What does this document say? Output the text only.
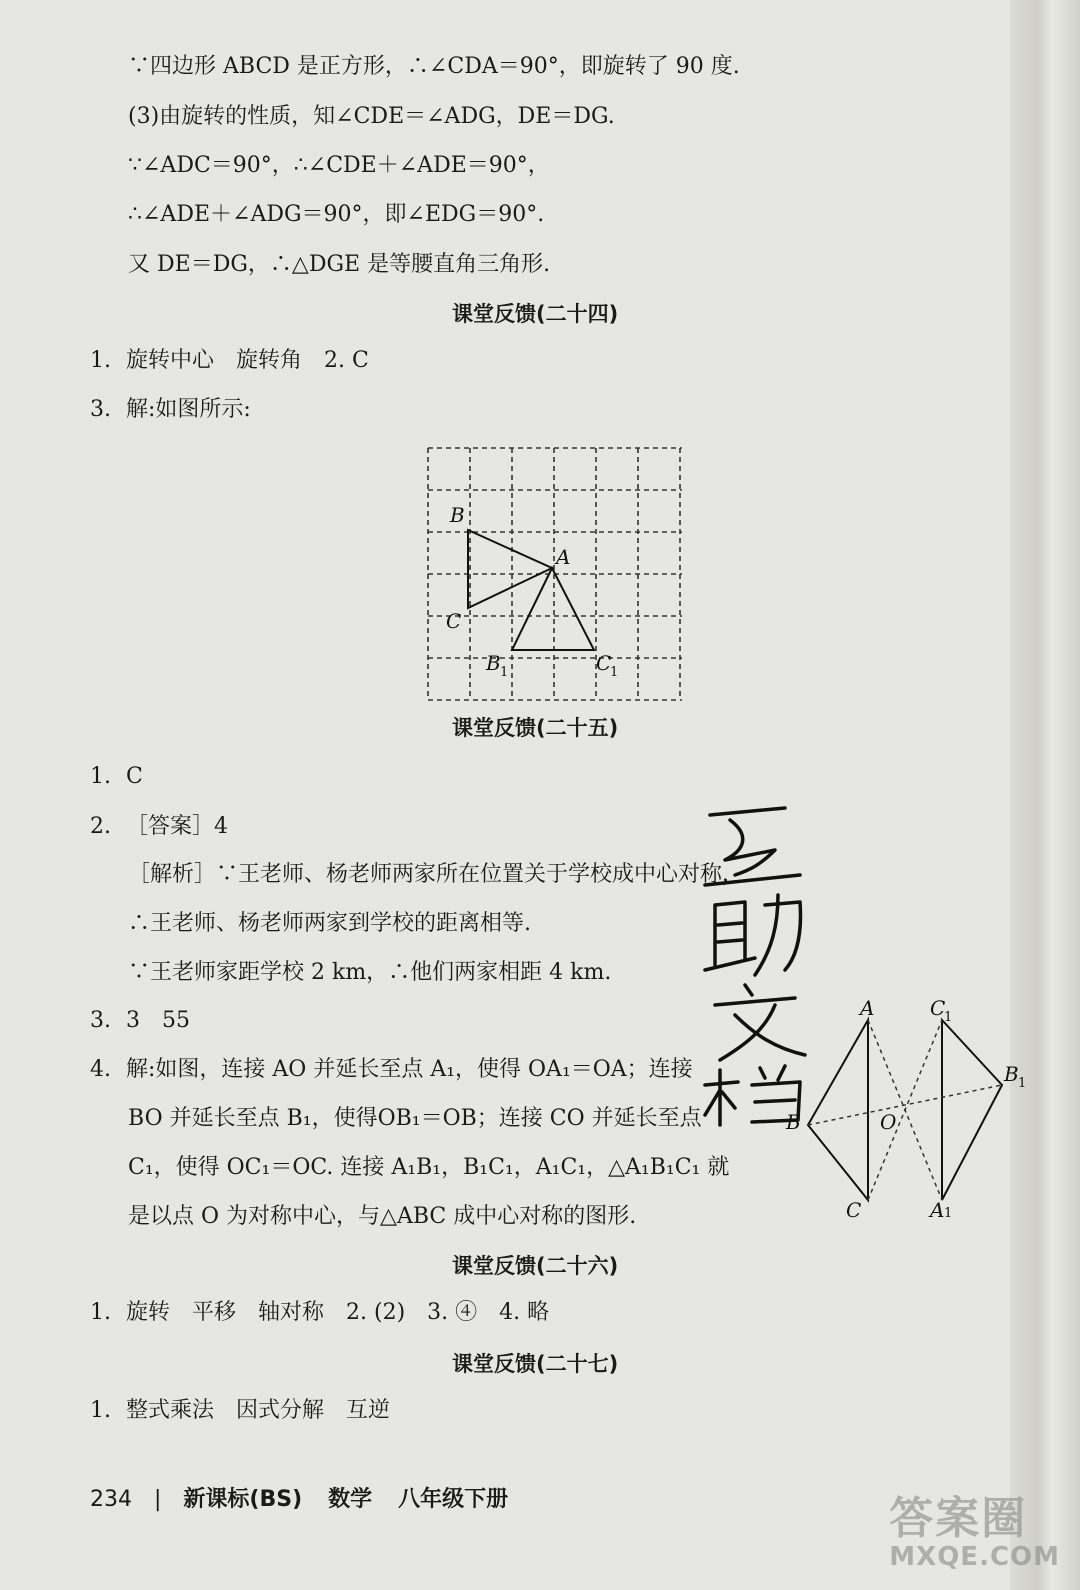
∵四边形 ABCD 是正方形，∴∠CDA＝90°，即旋转了 90 度.
(3)由旋转的性质，知∠CDE＝∠ADG，DE＝DG.
∵∠ADC＝90°，∴∠CDE＋∠ADE＝90°，
∴∠ADE＋∠ADG＝90°，即∠EDG＝90°.
又 DE＝DG，∴△DGE 是等腰直角三角形.
课堂反馈(二十四)
1. 旋转中心　旋转角　2. C
3. 解:如图所示:
B
A
C
B 1	C
1
课堂反馈(二十五)
1. C
2. ［答案］4
［解析］∵王老师、杨老师两家所在位置关于学校成中心对称，
∴王老师、杨老师两家到学校的距离相等.
∵王老师家距学校 2 km，∴他们两家相距 4 km.
3. 3　55
4. 解:如图，连接 AO 并延长至点 A₁，使得 OA₁＝OA；连接
BO 并延长至点 B₁，使得OB₁＝OB；连接 CO 并延长至点
C₁，使得 OC₁＝OC. 连接 A₁B₁，B₁C₁，A₁C₁，△A₁B₁C₁ 就
是以点 O 为对称中心，与△ABC 成中心对称的图形.
A
B
C
O
C
1
B 1
A 1
课堂反馈(二十六)
1. 旋转　平移　轴对称　2. (2)　3. ④　4. 略
课堂反馈(二十七)
1. 整式乘法　因式分解　互逆
234 | 新课标(BS) 数学 八年级下册	答案圈
MXQE.COM
